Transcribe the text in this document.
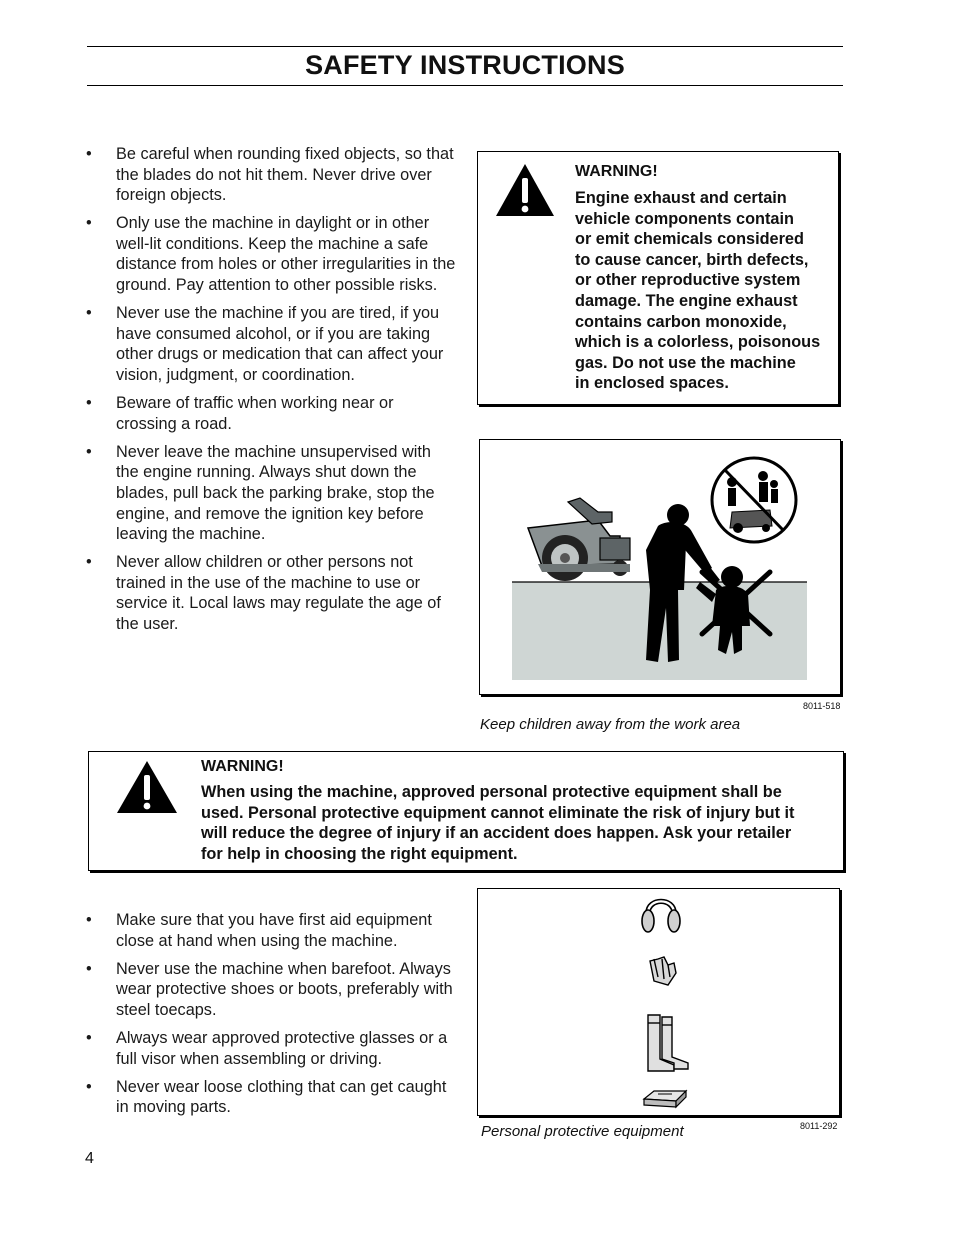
SAFETY INSTRUCTIONS
• Be careful when rounding fixed objects, so that the blades do not hit them. Never drive over foreign objects.
• Only use the machine in daylight or in other well-lit conditions. Keep the machine a safe distance from holes or other irregularities in the ground. Pay attention to other possible risks.
• Never use the machine if you are tired, if you have consumed alcohol, or if you are taking other drugs or medication that can affect your vision, judgment, or coordination.
• Beware of traffic when working near or crossing a road.
• Never leave the machine unsupervised with the engine running. Always shut down the blades, pull back the parking brake, stop the engine, and remove the ignition key before leaving the machine.
• Never allow children or other persons not trained in the use of the machine to use or service it. Local laws may regulate the age of the user.
WARNING!
Engine exhaust and certain
vehicle components contain
or emit chemicals considered
to cause cancer, birth defects,
or other reproductive system
damage. The engine exhaust
contains carbon monoxide,
which is a colorless, poisonous
gas. Do not use the machine
in enclosed spaces.
8011-518
Keep children away from the work area
WARNING!
When using the machine, approved personal protective equipment shall be
used. Personal protective equipment cannot eliminate the risk of injury but it
will reduce the degree of injury if an accident does happen. Ask your retailer
for help in choosing the right equipment.
• Make sure that you have first aid equipment close at hand when using the machine.
• Never use the machine when barefoot. Always wear protective shoes or boots, preferably with steel toecaps.
• Always wear approved protective glasses or a full visor when assembling or driving.
• Never wear loose clothing that can get caught in moving parts.
Personal protective equipment	8011-292
4
